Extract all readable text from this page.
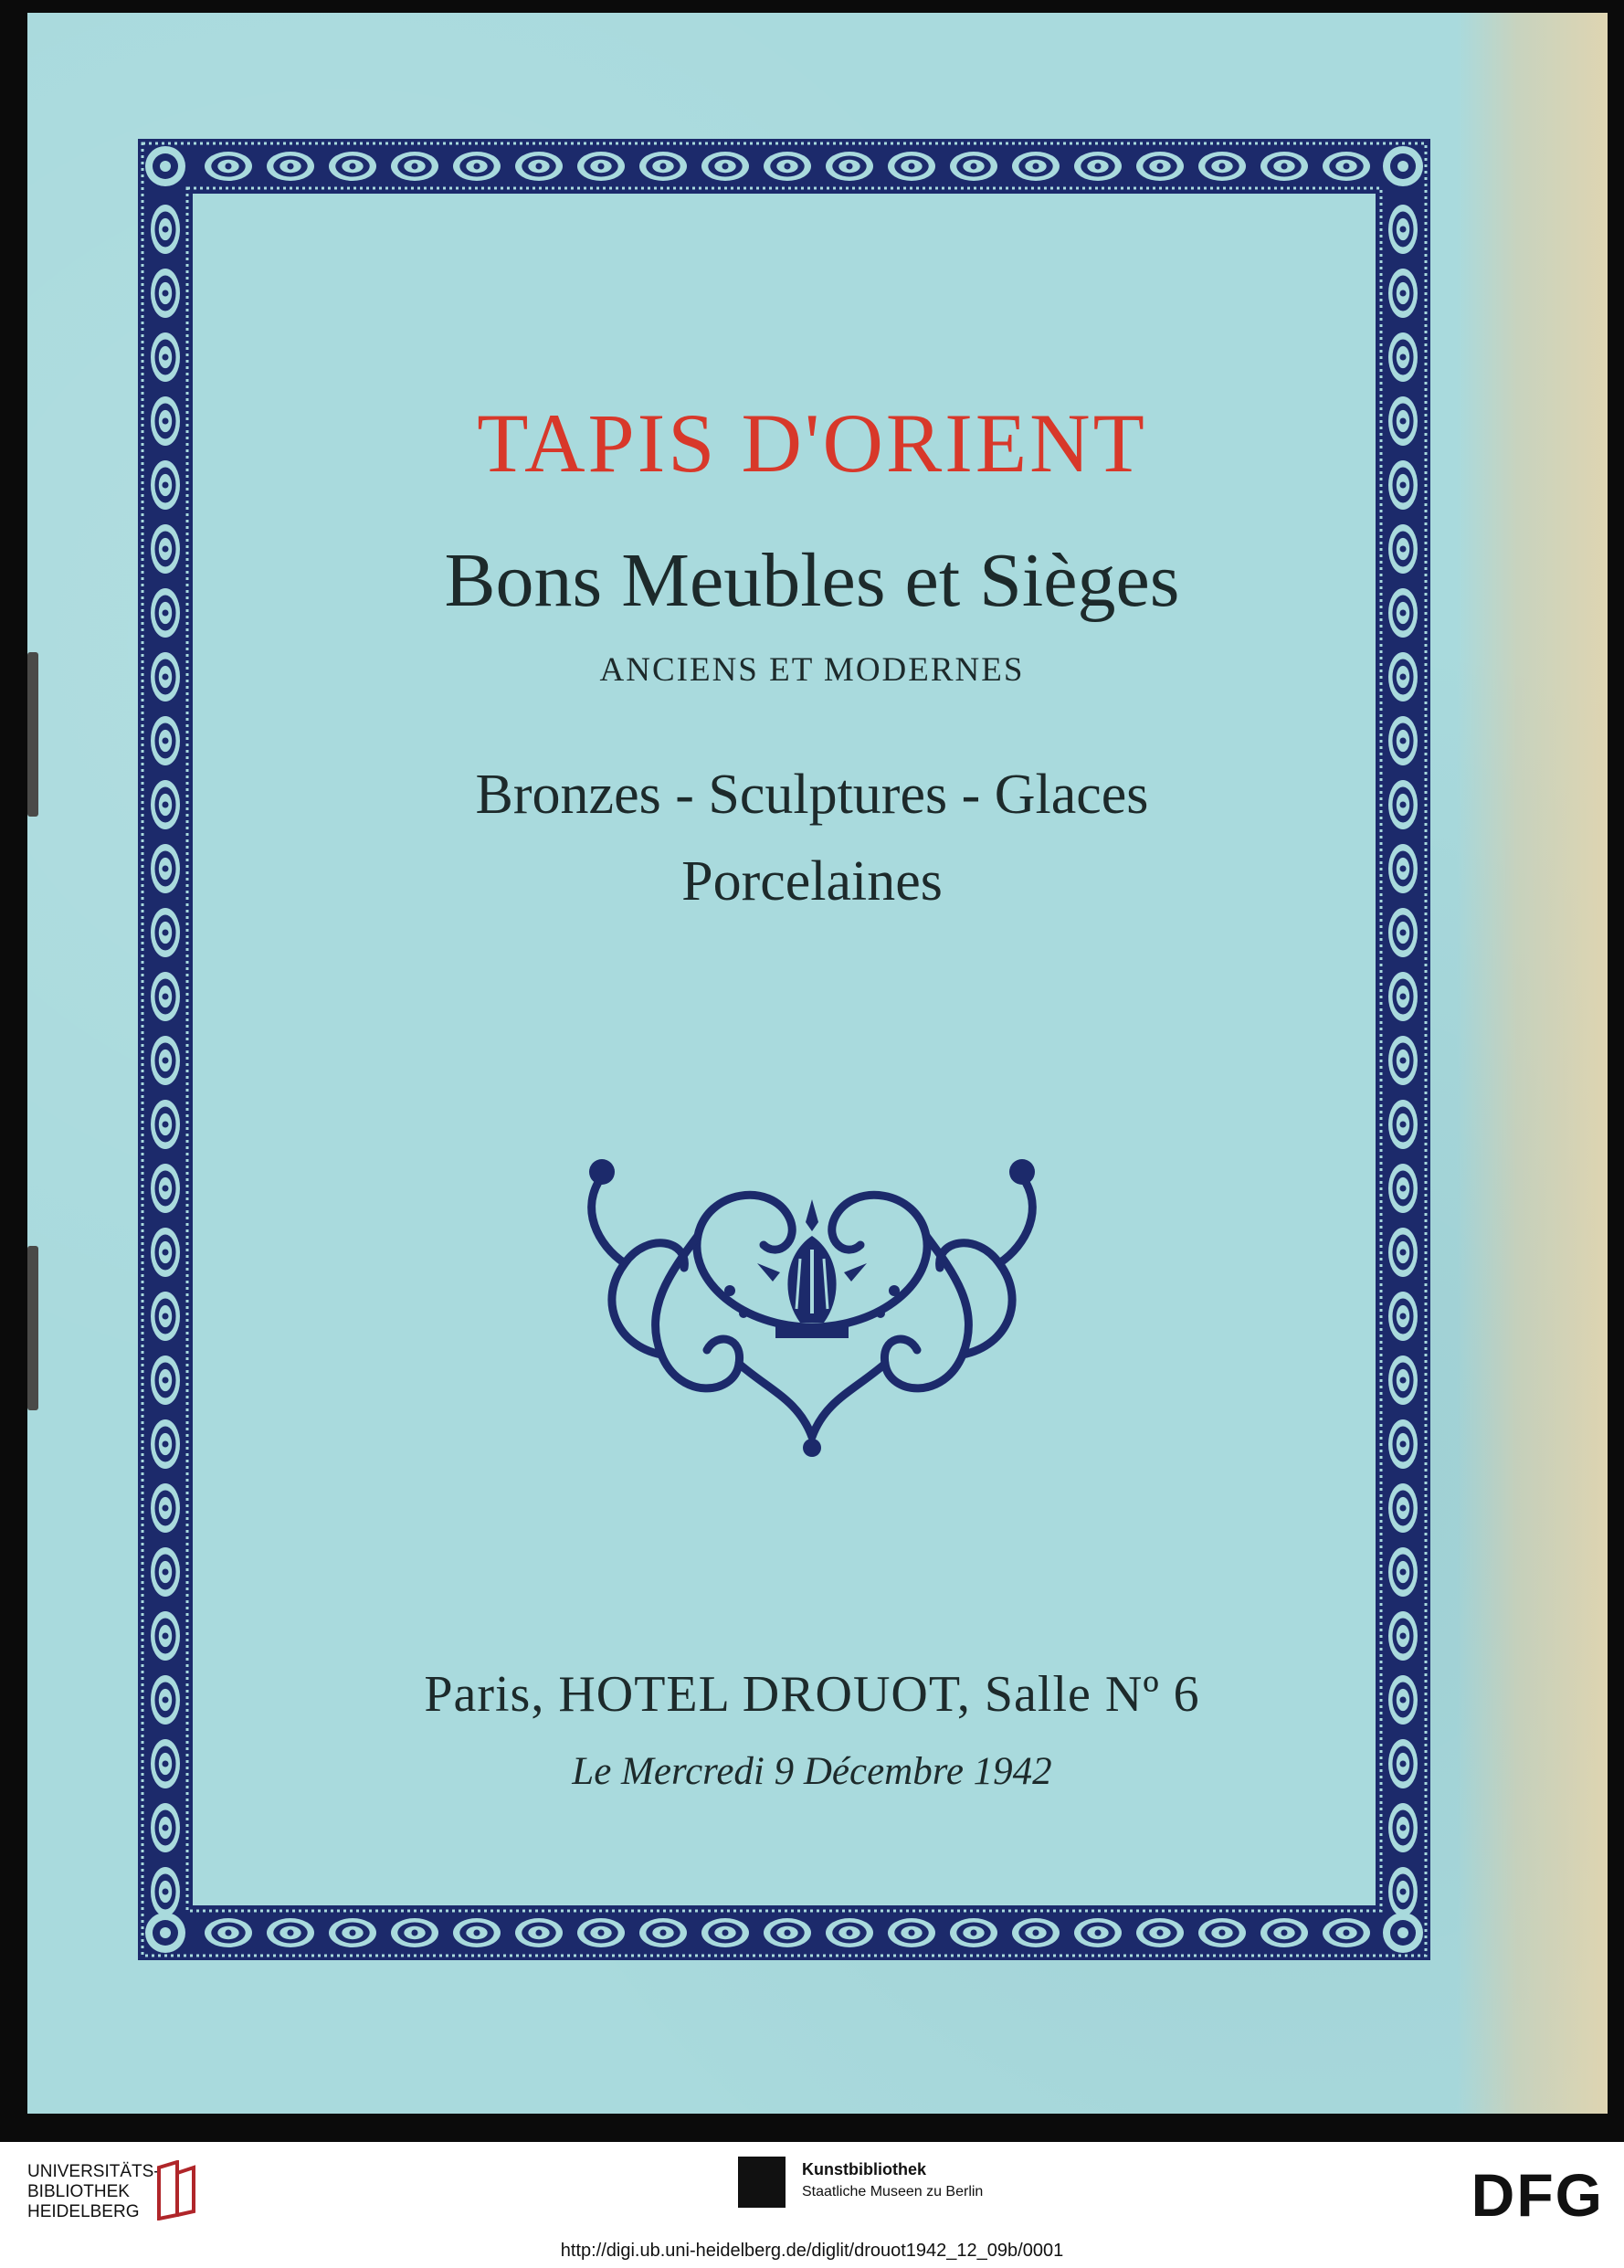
TAPIS D'ORIENT
Bons Meubles et Sièges
ANCIENS ET MODERNES
Bronzes - Sculptures - Glaces
Porcelaines
Paris, HOTEL DROUOT, Salle Nº 6
Le Mercredi 9 Décembre 1942
UNIVERSITÄTS-
BIBLIOTHEK
HEIDELBERG
Kunstbibliothek
Staatliche Museen zu Berlin	DFG
http://digi.ub.uni-heidelberg.de/diglit/drouot1942_12_09b/0001
